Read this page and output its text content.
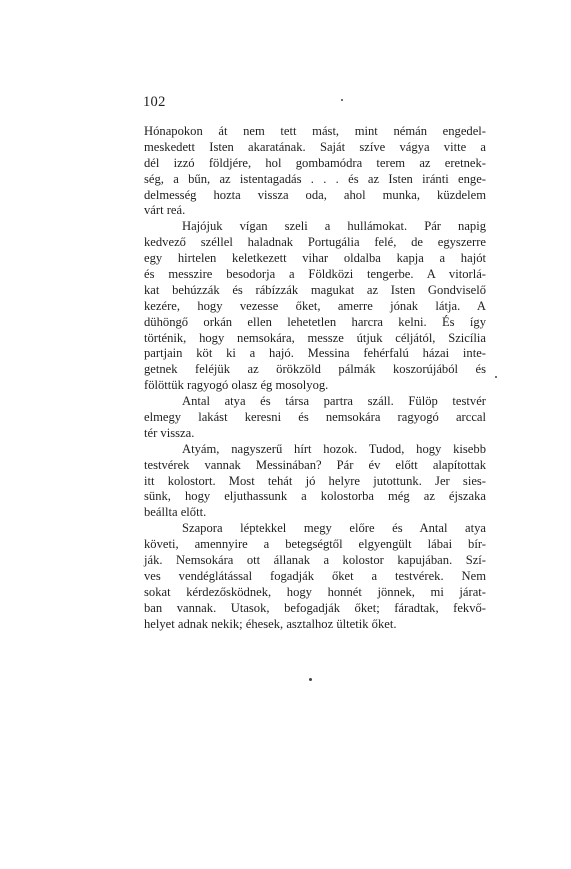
102
Hónapokon át nem tett mást, mint némán engedel-
meskedett Isten akaratának. Saját szíve vágya vitte a
dél izzó földjére, hol gombamódra terem az eretnek-
ség, a bűn, az istentagadás . . . és az Isten iránti enge-
delmesség hozta vissza oda, ahol munka, küzdelem
várt reá.
Hajójuk vígan szeli a hullámokat. Pár napig
kedvező széllel haladnak Portugália felé, de egyszerre
egy hirtelen keletkezett vihar oldalba kapja a hajót
és messzire besodorja a Földközi tengerbe. A vitorlá-
kat behúzzák és rábízzák magukat az Isten Gondviselő
kezére, hogy vezesse őket, amerre jónak látja. A
dühöngő orkán ellen lehetetlen harcra kelni. És így
történik, hogy nemsokára, messze útjuk céljától, Szicília
partjain köt ki a hajó. Messina fehérfalú házai inte-
getnek feléjük az örökzöld pálmák koszorújából és
fölöttük ragyogó olasz ég mosolyog.
Antal atya és társa partra száll. Fülöp testvér
elmegy lakást keresni és nemsokára ragyogó arccal
tér vissza.
Atyám, nagyszerű hírt hozok. Tudod, hogy kisebb
testvérek vannak Messinában? Pár év előtt alapítottak
itt kolostort. Most tehát jó helyre jutottunk. Jer sies-
sünk, hogy eljuthassunk a kolostorba még az éjszaka
beállta előtt.
Szapora léptekkel megy előre és Antal atya
követi, amennyire a betegségtől elgyengült lábai bír-
ják. Nemsokára ott állanak a kolostor kapujában. Szí-
ves vendéglátással fogadják őket a testvérek. Nem
sokat kérdezősködnek, hogy honnét jönnek, mi járat-
ban vannak. Utasok, befogadják őket; fáradtak, fekvő-
helyet adnak nekik; éhesek, asztalhoz ültetik őket.
